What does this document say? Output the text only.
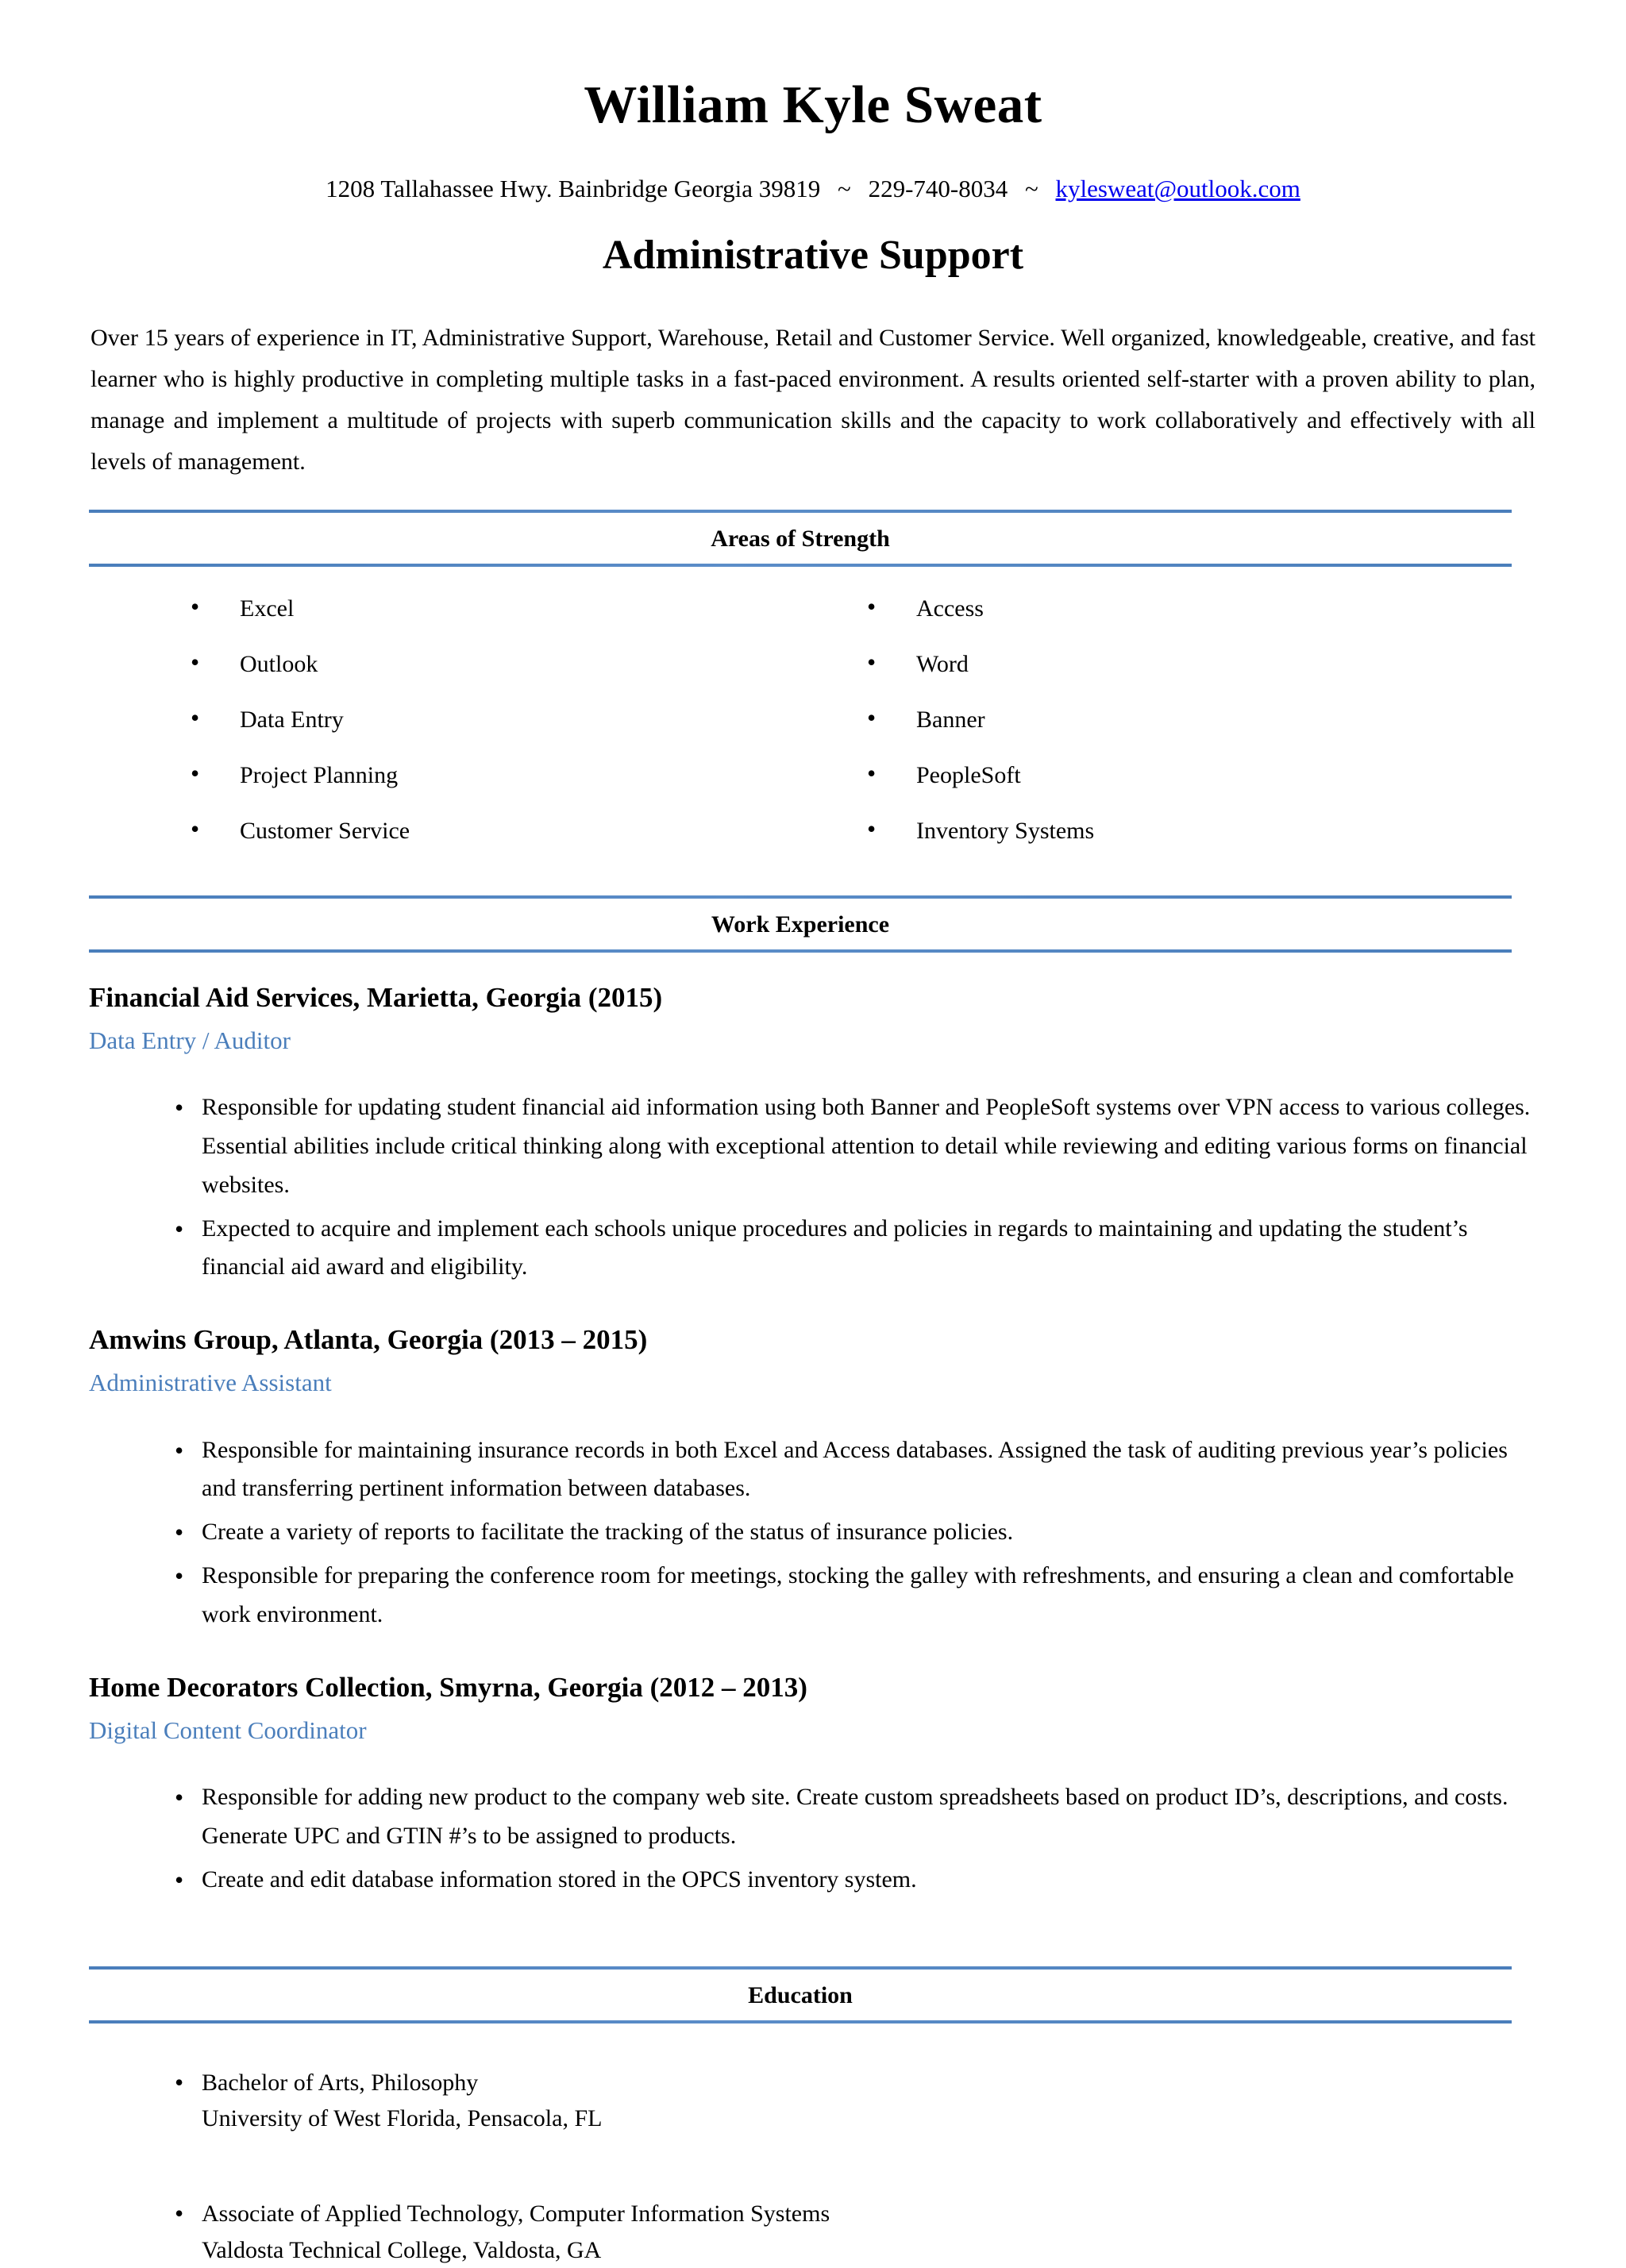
William Kyle Sweat
1208 Tallahassee Hwy. Bainbridge Georgia 39819 ~ 229-740-8034 ~ kylesweat@outlook.com
Administrative Support

Over 15 years of experience in IT, Administrative Support, Warehouse, Retail and Customer Service. Well organized, knowledgeable, creative, and fast learner who is highly productive in completing multiple tasks in a fast-paced environment. A results oriented self-starter with a proven ability to plan, manage and implement a multitude of projects with superb communication skills and the capacity to work collaboratively and effectively with all levels of management.

Areas of Strength
• Excel
• Outlook
• Data Entry
• Project Planning
• Customer Service
• Access
• Word
• Banner
• PeopleSoft
• Inventory Systems
Work Experience
Financial Aid Services, Marietta, Georgia (2015)
Data Entry / Auditor
• Responsible for updating student financial aid information using both Banner and PeopleSoft systems over VPN access to various colleges. Essential abilities include critical thinking along with exceptional attention to detail while reviewing and editing various forms on financial websites.
• Expected to acquire and implement each schools unique procedures and policies in regards to maintaining and updating the student’s financial aid award and eligibility.
Amwins Group, Atlanta, Georgia (2013 – 2015)
Administrative Assistant
• Responsible for maintaining insurance records in both Excel and Access databases. Assigned the task of auditing previous year’s policies and transferring pertinent information between databases.
• Create a variety of reports to facilitate the tracking of the status of insurance policies.
• Responsible for preparing the conference room for meetings, stocking the galley with refreshments, and ensuring a clean and comfortable work environment.
Home Decorators Collection, Smyrna, Georgia (2012 – 2013)
Digital Content Coordinator
• Responsible for adding new product to the company web site. Create custom spreadsheets based on product ID’s, descriptions, and costs. Generate UPC and GTIN #’s to be assigned to products.
• Create and edit database information stored in the OPCS inventory system.
Education
• Bachelor of Arts, Philosophy
University of West Florida, Pensacola, FL
• Associate of Applied Technology, Computer Information Systems
Valdosta Technical College, Valdosta, GA
